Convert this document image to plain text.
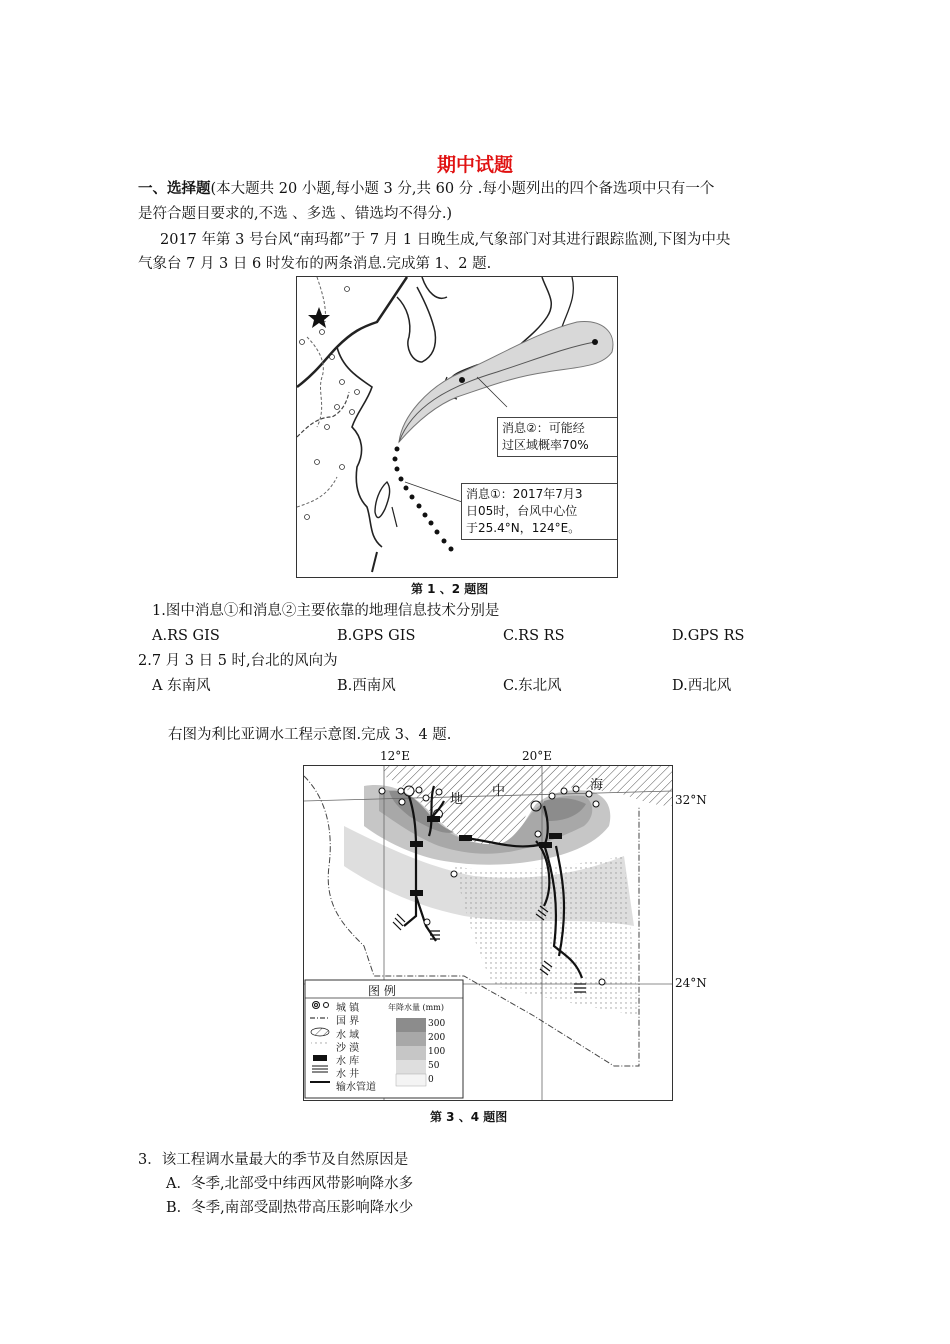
期中试题
一、选择题(本大题共 20 小题,每小题 3 分,共 60 分 .每小题列出的四个备选项中只有一个
是符合题目要求的,不选 、多选 、错选均不得分.)
2017 年第 3 号台风“南玛都”于 7 月 1 日晚生成,气象部门对其进行跟踪监测,下图为中央
气象台 7 月 3 日 6 时发布的两条消息.完成第 1、2 题.
消息②：可能经
过区域概率70%
消息①：2017年7月3
日05时，台风中心位
于25.4°N，124°E。
第 1 、2 题图
1.图中消息①和消息②主要依靠的地理信息技术分别是
A.RS GIS	B.GPS GIS	C.RS RS	D.GPS RS
2.7 月 3 日 5 时,台北的风向为
A 东南风	B.西南风	C.东北风	D.西北风
右图为利比亚调水工程示意图.完成 3、4 题.
12°E	20°E
32°N
24°N
地
中	海
图 例
城 镇
国 界
水 域
沙 漠
水 库
水 井
输水管道
年降水量 (mm)
300
200
100
50
0
第 3 、4 题图
3．该工程调水量最大的季节及自然原因是
A．冬季,北部受中纬西风带影响降水多
B．冬季,南部受副热带高压影响降水少
